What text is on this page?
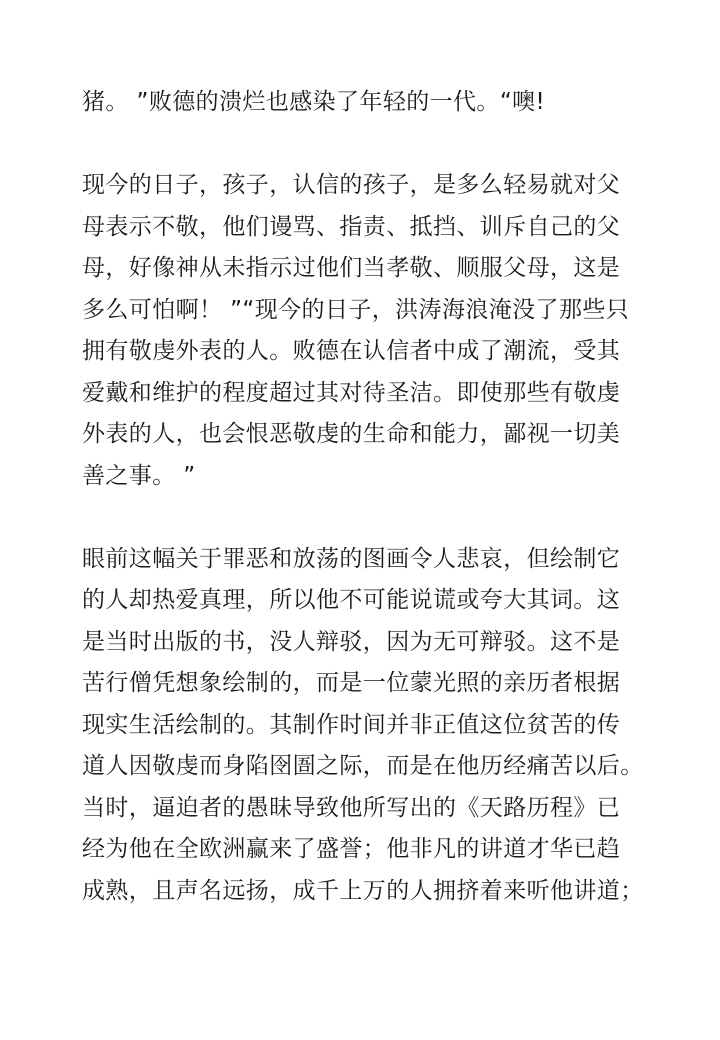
猪。 ”败德的溃烂也感染了年轻的一代。“噢!
现今的日子，孩子，认信的孩子，是多么轻易就对父
母表示不敬，他们谩骂、指责、抵挡、训斥自己的父
母，好像神从未指示过他们当孝敬、顺服父母，这是
多么可怕啊！ ”“现今的日子，洪涛海浪淹没了那些只
拥有敬虔外表的人。败德在认信者中成了潮流，受其
爱戴和维护的程度超过其对待圣洁。即使那些有敬虔
外表的人，也会恨恶敬虔的生命和能力，鄙视一切美
善之事。 ”
眼前这幅关于罪恶和放荡的图画令人悲哀，但绘制它
的人却热爱真理，所以他不可能说谎或夸大其词。这
是当时出版的书，没人辩驳，因为无可辩驳。这不是
苦行僧凭想象绘制的，而是一位蒙光照的亲历者根据
现实生活绘制的。其制作时间并非正值这位贫苦的传
道人因敬虔而身陷囹圄之际，而是在他历经痛苦以后。
当时，逼迫者的愚昧导致他所写出的《天路历程》已
经为他在全欧洲赢来了盛誉；他非凡的讲道才华已趋
成熟，且声名远扬，成千上万的人拥挤着来听他讲道；
